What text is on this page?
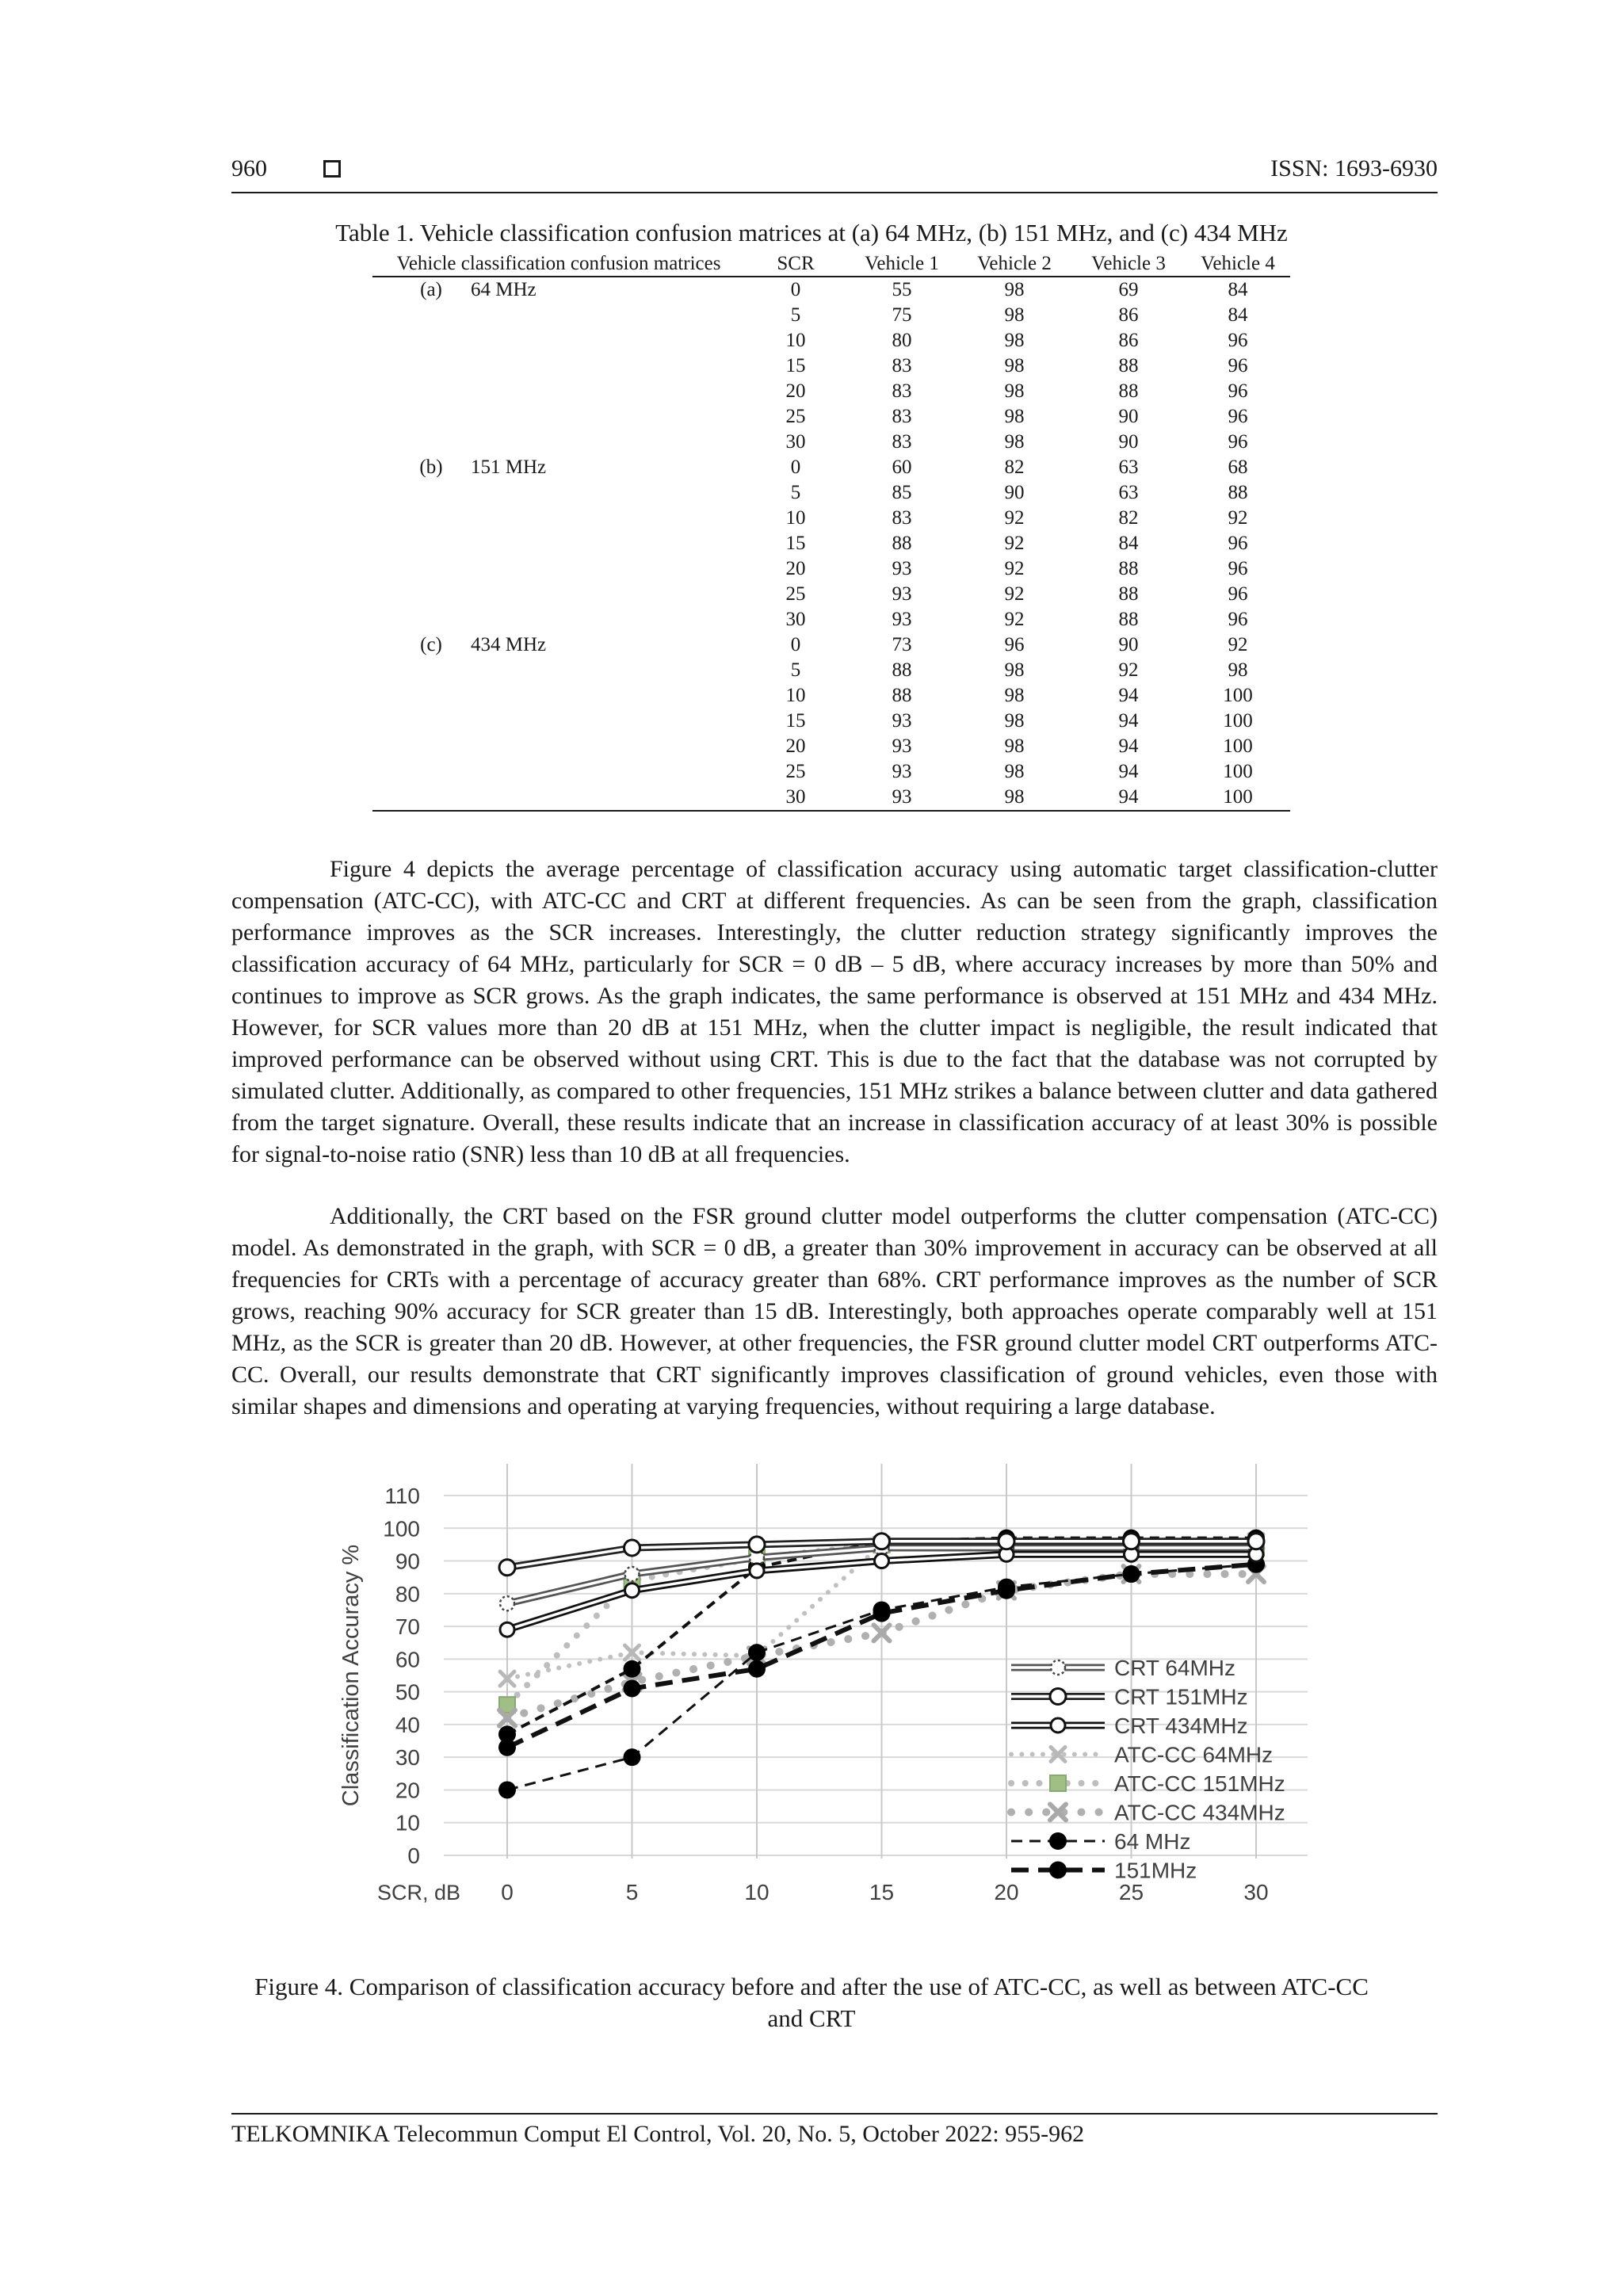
960	ISSN: 1693-6930
Table 1. Vehicle classification confusion matrices at (a) 64 MHz, (b) 151 MHz, and (c) 434 MHz
Vehicle classification confusion matrices	SCR	Vehicle 1	Vehicle 2	Vehicle 3	Vehicle 4
(a) 64 MHz	0	55	98	69	84
	5	75	98	86	84
	10	80	98	86	96
	15	83	98	88	96
	20	83	98	88	96
	25	83	98	90	96
	30	83	98	90	96
(b) 151 MHz	0	60	82	63	68
	5	85	90	63	88
	10	83	92	82	92
	15	88	92	84	96
	20	93	92	88	96
	25	93	92	88	96
	30	93	92	88	96
(c) 434 MHz	0	73	96	90	92
	5	88	98	92	98
	10	88	98	94	100
	15	93	98	94	100
	20	93	98	94	100
	25	93	98	94	100
	30	93	98	94	100

Figure 4 depicts the average percentage of classification accuracy using automatic target classification-clutter compensation (ATC-CC), with ATC-CC and CRT at different frequencies. As can be seen from the graph, classification performance improves as the SCR increases. Interestingly, the clutter reduction strategy significantly improves the classification accuracy of 64 MHz, particularly for SCR = 0 dB – 5 dB, where accuracy increases by more than 50% and continues to improve as SCR grows. As the graph indicates, the same performance is observed at 151 MHz and 434 MHz. However, for SCR values more than 20 dB at 151 MHz, when the clutter impact is negligible, the result indicated that improved performance can be observed without using CRT. This is due to the fact that the database was not corrupted by simulated clutter. Additionally, as compared to other frequencies, 151 MHz strikes a balance between clutter and data gathered from the target signature. Overall, these results indicate that an increase in classification accuracy of at least 30% is possible for signal-to-noise ratio (SNR) less than 10 dB at all frequencies.

Additionally, the CRT based on the FSR ground clutter model outperforms the clutter compensation (ATC-CC) model. As demonstrated in the graph, with SCR = 0 dB, a greater than 30% improvement in accuracy can be observed at all frequencies for CRTs with a percentage of accuracy greater than 68%. CRT performance improves as the number of SCR grows, reaching 90% accuracy for SCR greater than 15 dB. Interestingly, both approaches operate comparably well at 151 MHz, as the SCR is greater than 20 dB. However, at other frequencies, the FSR ground clutter model CRT outperforms ATC-CC. Overall, our results demonstrate that CRT significantly improves classification of ground vehicles, even those with similar shapes and dimensions and operating at varying frequencies, without requiring a large database.

0
10
20
30
40
50
60
70
80
90
100
110
0	5	10	15	20	25	30
SCR, dB
Classification Accuracy %	CRT 64MHz
CRT 151MHz
CRT 434MHz
ATC-CC 64MHz
ATC-CC 151MHz
ATC-CC 434MHz
64 MHz
151MHz
Figure 4. Comparison of classification accuracy before and after the use of ATC-CC, as well as between ATC-CC and CRT
TELKOMNIKA Telecommun Comput El Control, Vol. 20, No. 5, October 2022: 955-962
